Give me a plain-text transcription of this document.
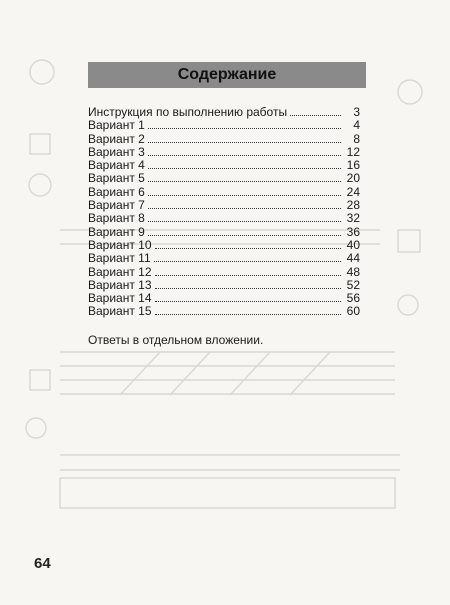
Содержание
Инструкция по выполнению работы	3
Вариант 1	4
Вариант 2	8
Вариант 3	12
Вариант 4	16
Вариант 5	20
Вариант 6	24
Вариант 7	28
Вариант 8	32
Вариант 9	36
Вариант 10	40
Вариант 11	44
Вариант 12	48
Вариант 13	52
Вариант 14	56
Вариант 15	60
Ответы в отдельном вложении.
64
